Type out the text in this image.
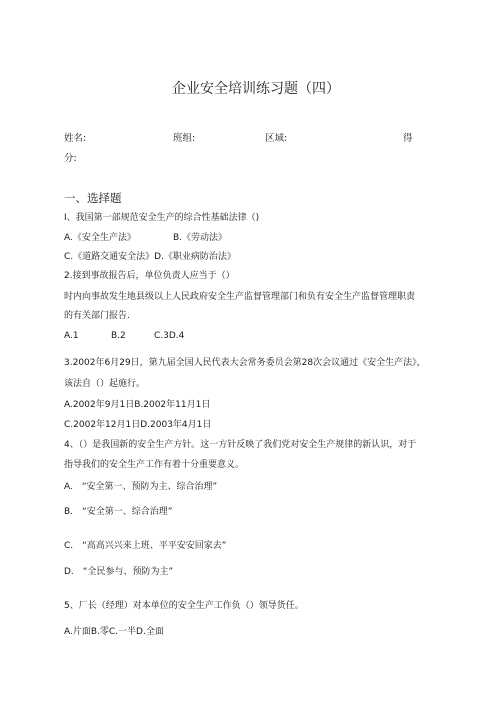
企业安全培训练习题（四）
姓名:	班组:	区域:	得
分:
一、选择题
I、我国第一部规范安全生产的综合性基础法律（)
A.《安全生产法》	B.《劳动法》
C.《道路交通安全法》D.《职业病防治法》
2.接到事故报告后，单位负责人应当于（）
时内向事故发生地县级以上人民政府安全生产监督管理部门和负有安全生产监督管理职责
的有关部门报告.
A.1	B.2	C.3D.4
3.2002年6月29日，第九届全国人民代表大会常务委员会第28次会议通过《安全生产法》，
该法自（）起施行。
A.2002年9月1日B.2002年11月1日
C.2002年12月1日D.2003年4月1日
4、（）是我国新的安全生产方针。这一方针反映了我们党对安全生产规律的新认识，对于
指导我们的安全生产工作有着十分重要意义。
A.　“安全第一、预防为主、综合治理”
B.　“安全第一、综合治理”
C.　“高高兴兴来上班、平平安安回家去”
D.　“全民参与、预防为主”
5、厂长（经理）对本单位的安全生产工作负（）领导货任。
A.片面B.零C.一半D.全面
